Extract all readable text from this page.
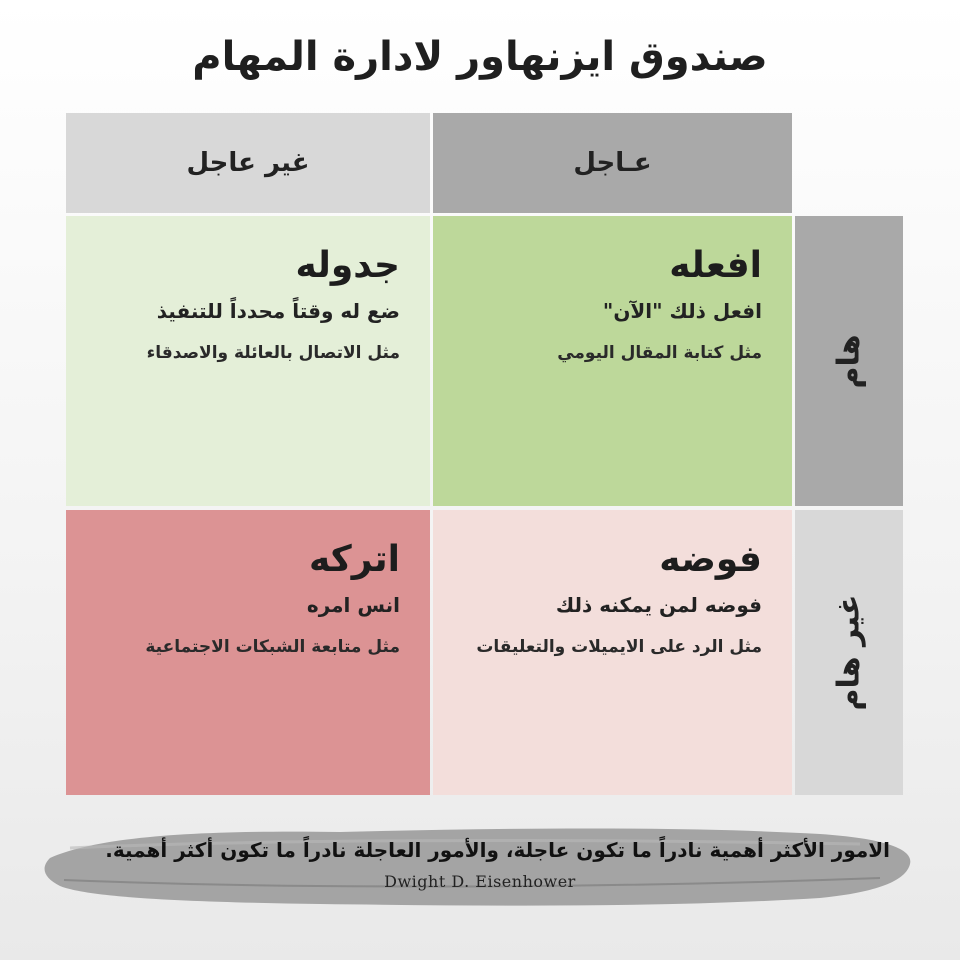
صندوق ايزنهاور لادارة المهام
غير عاجل	عـاجل
هام
غير هام
افعله
افعل ذلك "الآن"
مثل كتابة المقال اليومي
جدوله
ضع له وقتاً محدداً للتنفيذ
مثل الاتصال بالعائلة والاصدقاء
فوضه
فوضه لمن يمكنه ذلك
مثل الرد على الايميلات والتعليقات
اتركه
انس امره
مثل متابعة الشبكات الاجتماعية
الامور الأكثر أهمية نادراً ما تكون عاجلة، والأمور العاجلة نادراً ما تكون أكثر أهمية.
Dwight D. Eisenhower
